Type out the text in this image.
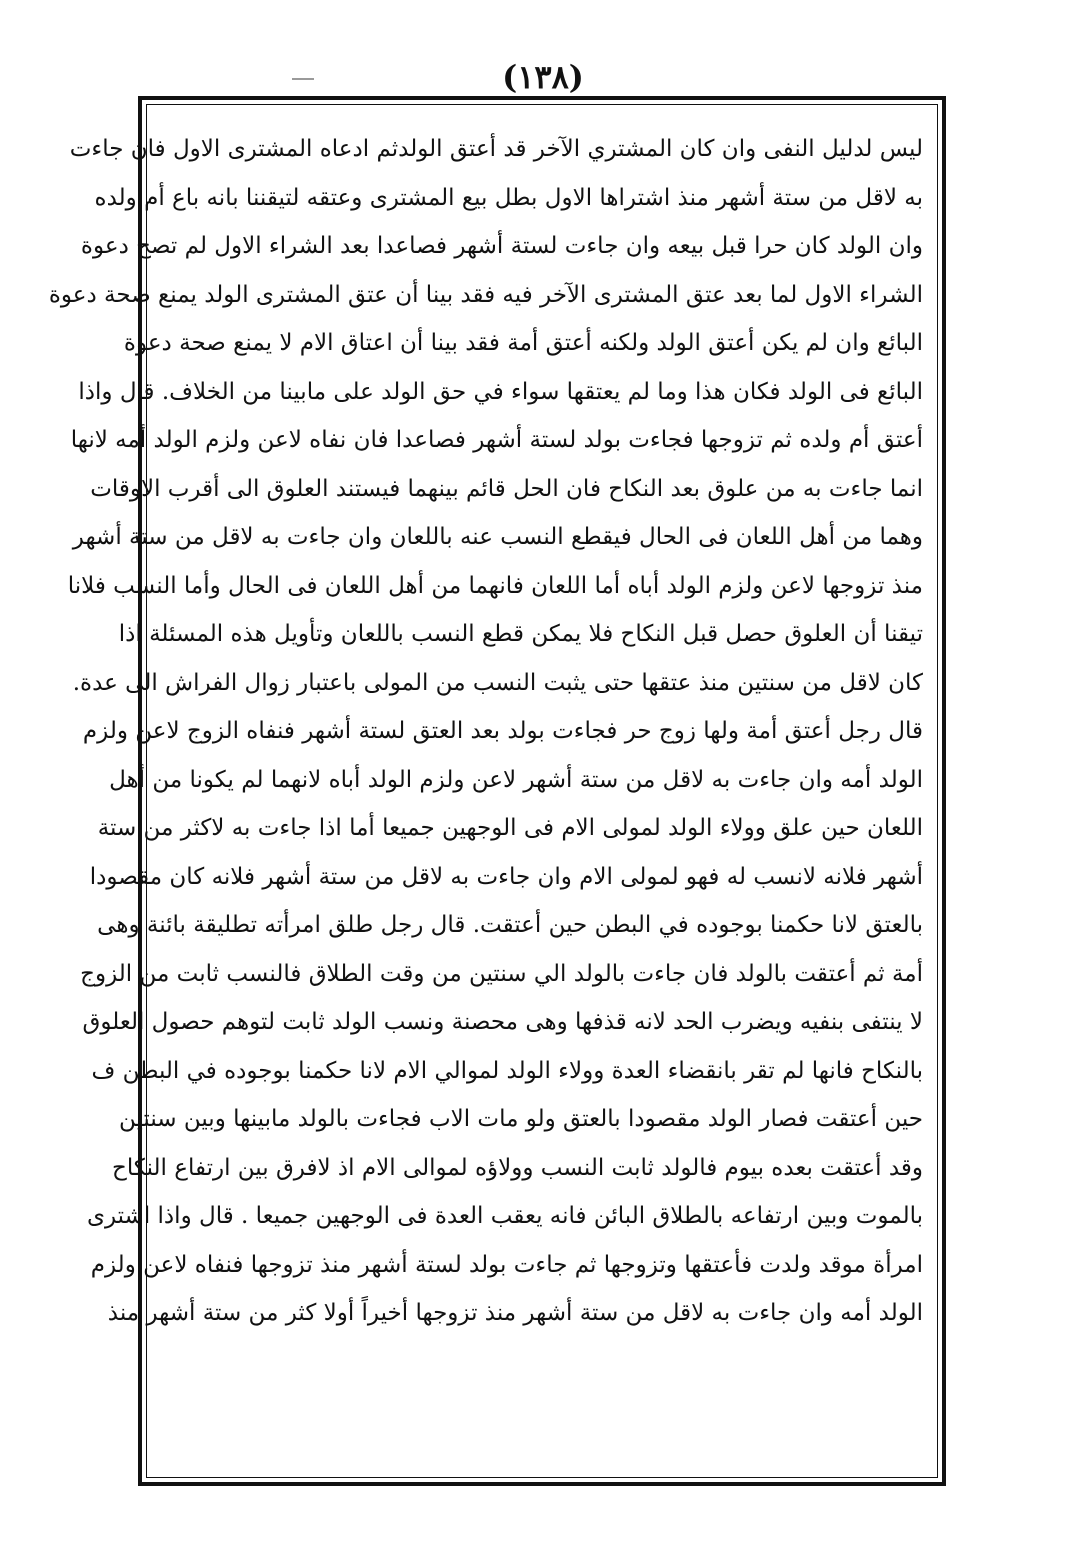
(١٣٨)
ليس لدليل النفى وان كان المشتري الآخر قد أعتق الولدثم ادعاه المشترى الاول فان جاءت
به لاقل من ستة أشهر منذ اشتراها الاول بطل بيع المشترى وعتقه لتيقننا بانه باع أم ولده
وان الولد كان حرا قبل بيعه وان جاءت لستة أشهر فصاعدا بعد الشراء الاول لم تصح دعوة
الشراء الاول لما بعد عتق المشترى الآخر فيه فقد بينا أن عتق المشترى الولد يمنع صحة دعوة
البائع وان لم يكن أعتق الولد ولكنه أعتق أمة فقد بينا أن اعتاق الام لا يمنع صحة دعوة
البائع فى الولد فكان هذا وما لم يعتقها سواء في حق الولد على مابينا من الخلاف. قال واذا
أعتق أم ولده ثم تزوجها فجاءت بولد لستة أشهر فصاعدا فان نفاه لاعن ولزم الولد أمه لانها
انما جاءت به من علوق بعد النكاح فان الحل قائم بينهما فيستند العلوق الى أقرب الاوقات
وهما من أهل اللعان فى الحال فيقطع النسب عنه باللعان وان جاءت به لاقل من ستة أشهر
منذ تزوجها لاعن ولزم الولد أباه أما اللعان فانهما من أهل اللعان فى الحال وأما النسب فلانا
تيقنا أن العلوق حصل قبل النكاح فلا يمكن قطع النسب باللعان وتأويل هذه المسئلة اذا
كان لاقل من سنتين منذ عتقها حتى يثبت النسب من المولى باعتبار زوال الفراش الى عدة.
قال رجل أعتق أمة ولها زوج حر فجاءت بولد بعد العتق لستة أشهر فنفاه الزوج لاعن ولزم
الولد أمه وان جاءت به لاقل من ستة أشهر لاعن ولزم الولد أباه لانهما لم يكونا من أهل
اللعان حين علق وولاء الولد لمولى الام فى الوجهين جميعا أما اذا جاءت به لاكثر من ستة
أشهر فلانه لانسب له فهو لمولى الام وان جاءت به لاقل من ستة أشهر فلانه كان مقصودا
بالعتق لانا حكمنا بوجوده في البطن حين أعتقت. قال رجل طلق امرأته تطليقة بائنة وهى
أمة ثم أعتقت بالولد فان جاءت بالولد الي سنتين من وقت الطلاق فالنسب ثابت من الزوج
لا ينتفى بنفيه ويضرب الحد لانه قذفها وهى محصنة ونسب الولد ثابت لتوهم حصول العلوق
بالنكاح فانها لم تقر بانقضاء العدة وولاء الولد لموالي الام لانا حكمنا بوجوده في البطن ف
حين أعتقت فصار الولد مقصودا بالعتق ولو مات الاب فجاءت بالولد مابينها وبين سنتين
وقد أعتقت بعده بيوم فالولد ثابت النسب وولاؤه لموالى الام اذ لافرق بين ارتفاع النكاح
بالموت وبين ارتفاعه بالطلاق البائن فانه يعقب العدة فى الوجهين جميعا . قال واذا اشترى
امرأة موقد ولدت فأعتقها وتزوجها ثم جاءت بولد لستة أشهر منذ تزوجها فنفاه لاعن ولزم
الولد أمه وان جاءت به لاقل من ستة أشهر منذ تزوجها أخيراً أولا كثر من ستة أشهر منذ
